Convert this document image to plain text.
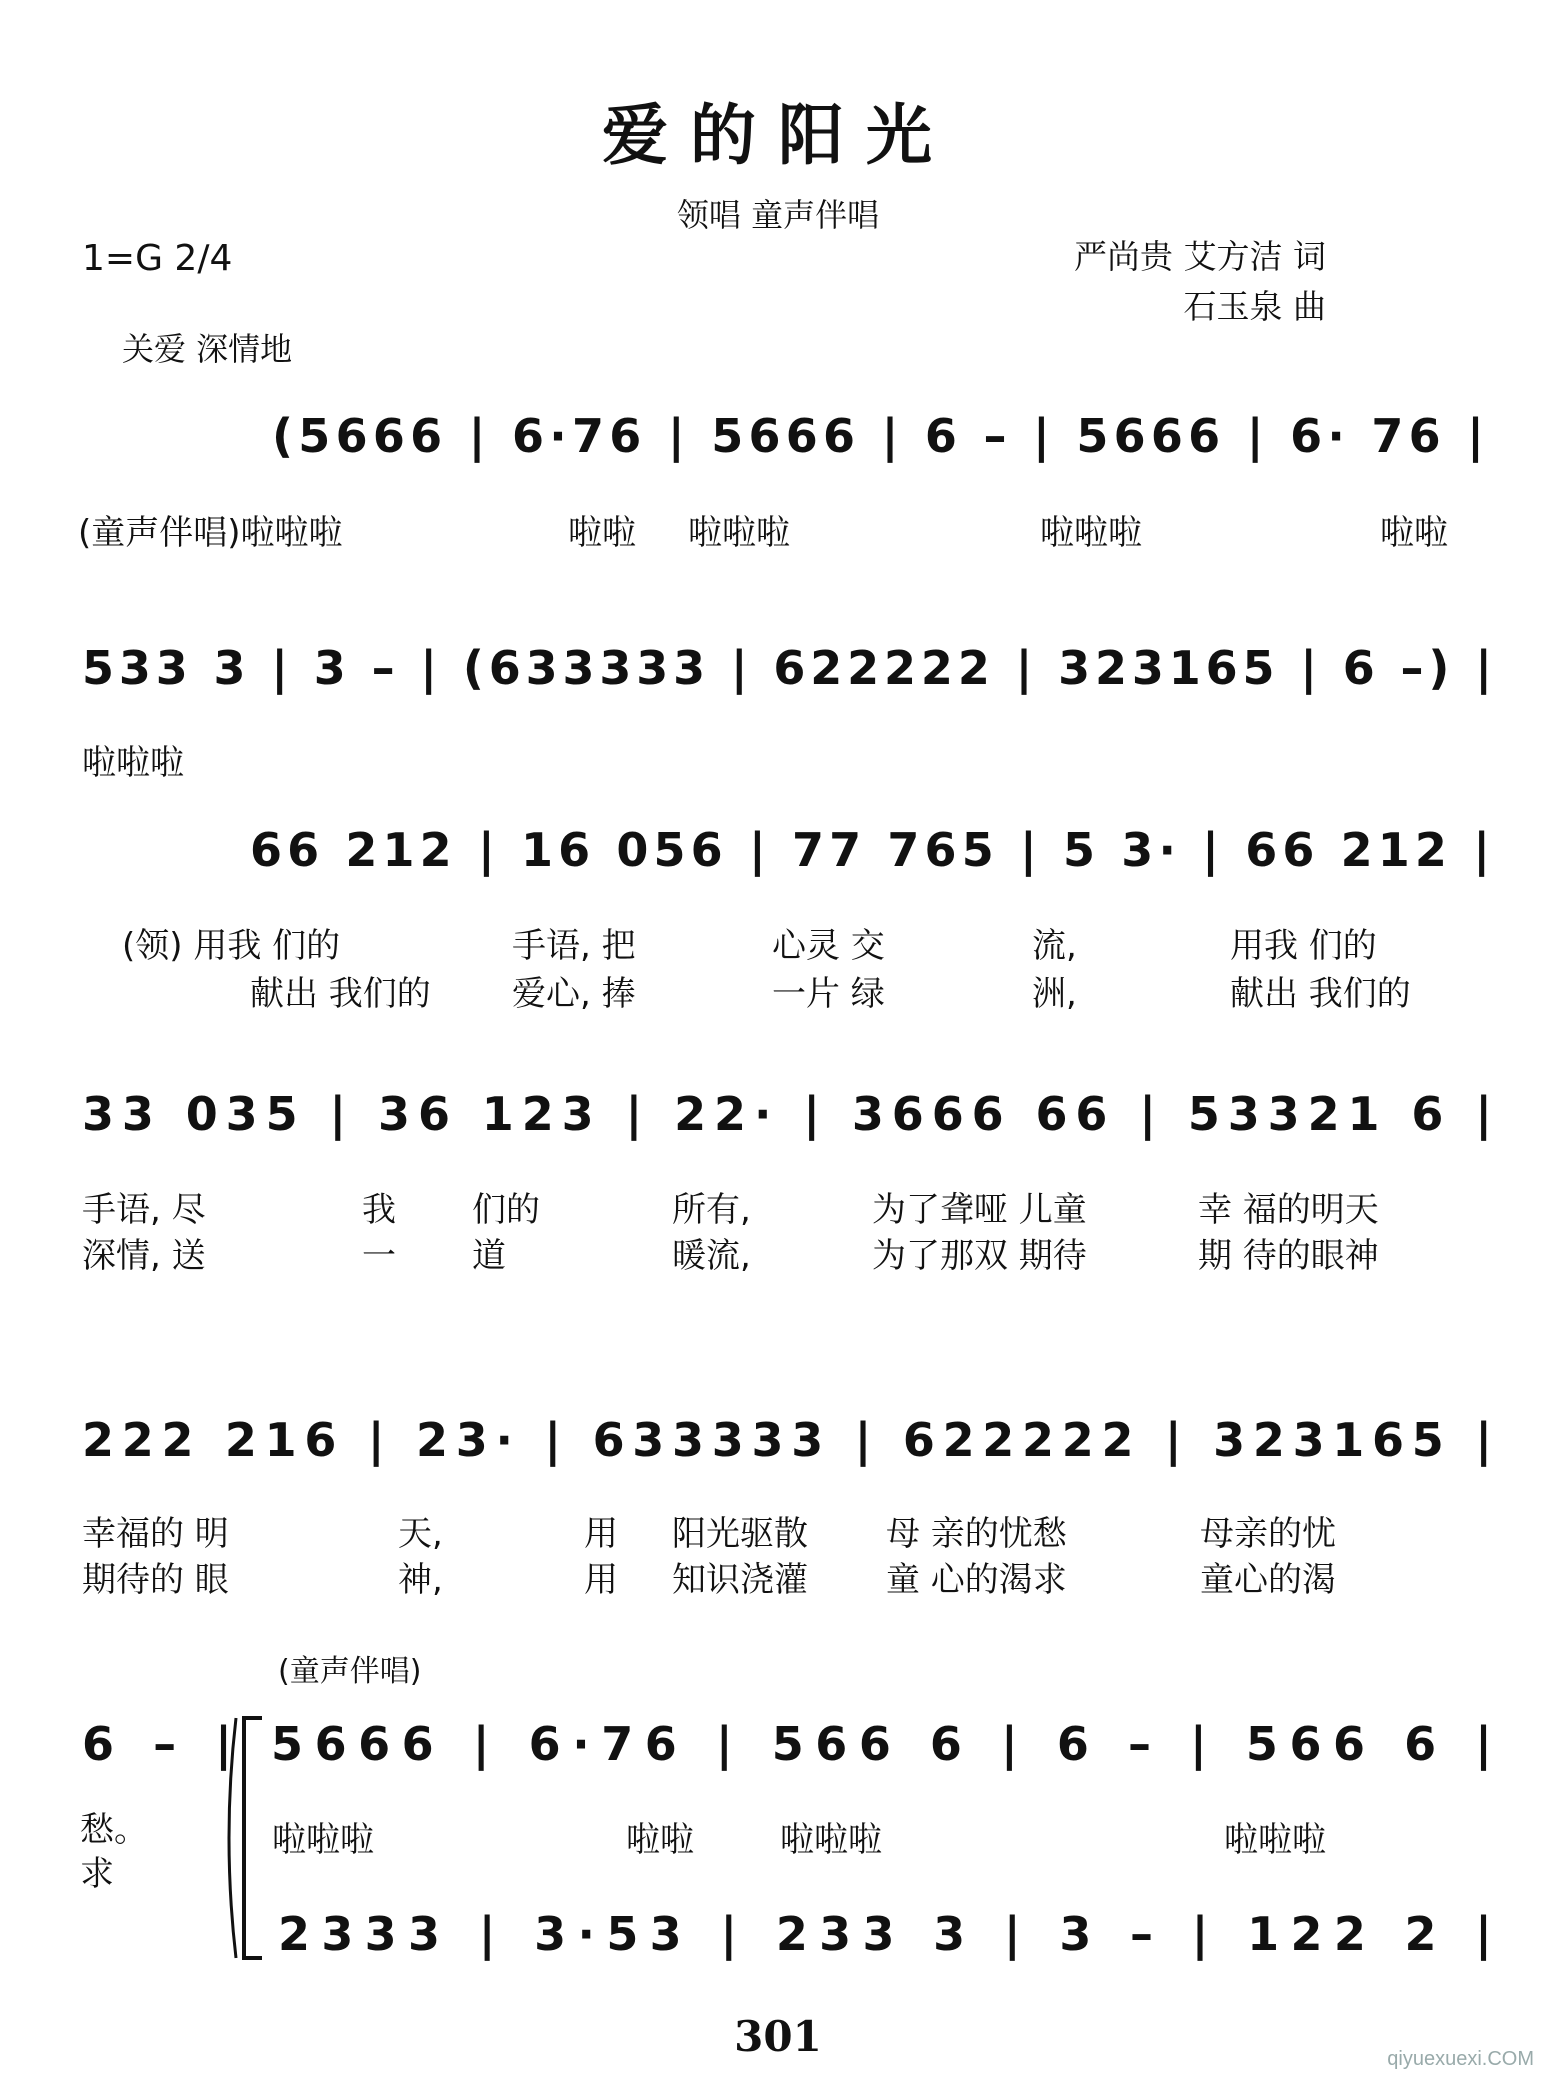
爱的阳光
领唱 童声伴唱
1=G 2/4	严尚贵 艾方洁 词
石玉泉 曲
关爱 深情地
(童声伴唱)啦啦啦	啦啦 啦啦啦	啦啦啦	啦啦
啦啦啦
(领) 用我 们的	手语, 把	心灵 交	流,	用我 们的
献出 我们的 爱心, 捧	一片 绿	洲,	献出 我们的
手语, 尽	我 们的	所有,	为了聋哑 儿童	幸 福的明天
深情, 送	一 道	暖流,	为了那双 期待	期 待的眼神
幸福的 明	天,	用 阳光驱散 母 亲的忧愁	母亲的忧
期待的 眼	神,	用 知识浇灌 童 心的渴求	童心的渴
(童声伴唱)
愁。
求
啦啦啦	啦啦	啦啦啦	啦啦啦
(5666 | 6·76 | 5666 | 6 – | 5666 | 6· 76 |
533 3 | 3 – | (633333 | 622222 | 323165 | 6 –) |
66 212 | 16 056 | 77 765 | 5 3· | 66 212 |
33 035 | 36 123 | 22· | 3666 66 | 53321 6 |
222 216 | 23· | 633333 | 622222 | 323165 |
6 – | 5666 | 6·76 | 566 6 | 6 – | 566 6 |
2333 | 3·53 | 233 3 | 3 – | 122 2 |
301	qiyuexuexi.COM
